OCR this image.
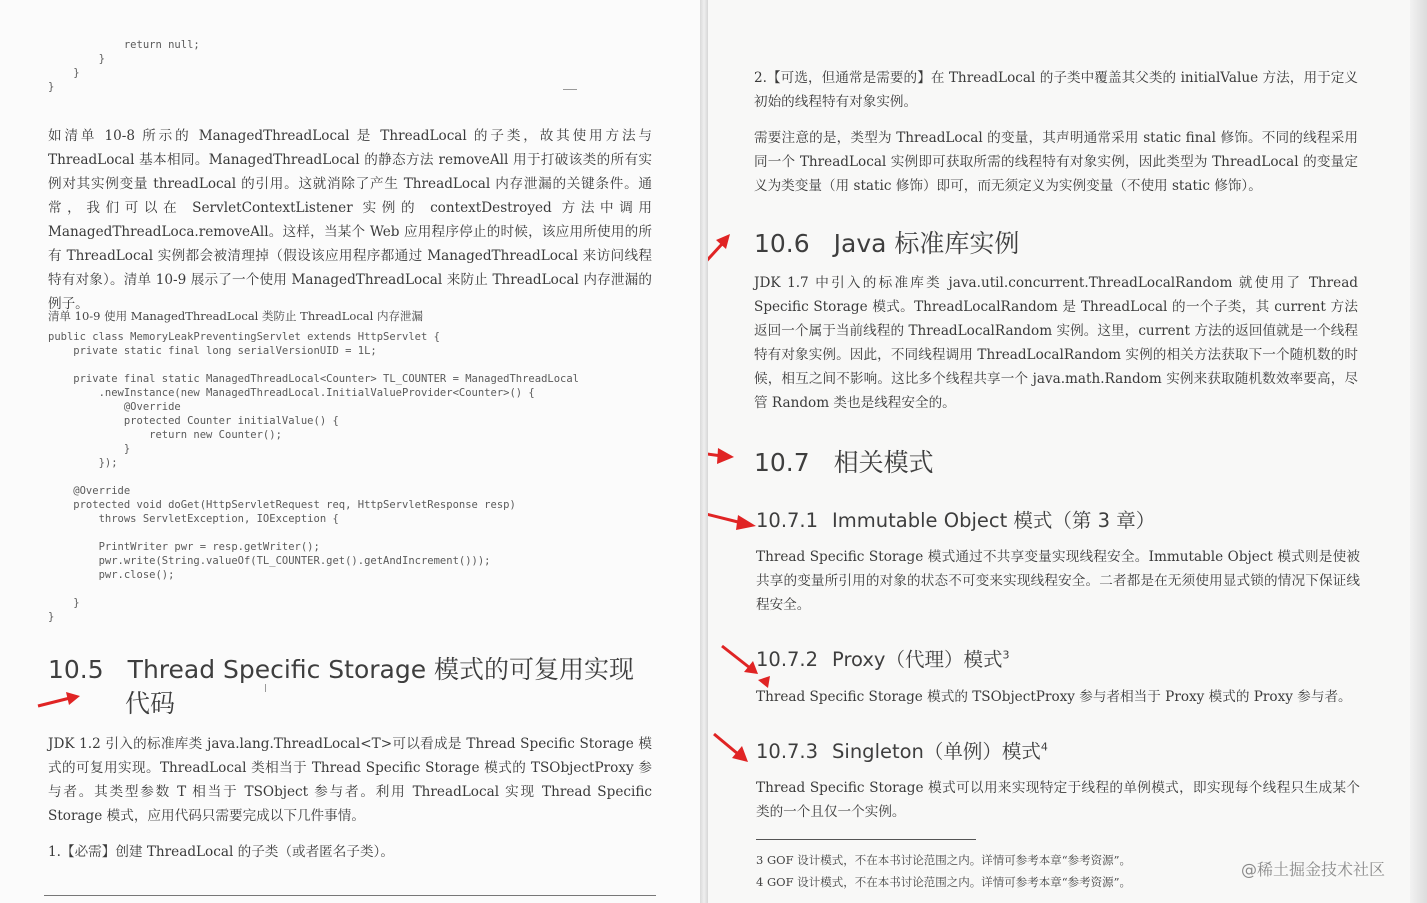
return null;
}
}
}

如清单 10-8 所示的 ManagedThreadLocal 是 ThreadLocal 的子类，故其使用方法与 ThreadLocal 基本相同。ManagedThreadLocal 的静态方法 removeAll 用于打破该类的所有实例对其实例变量 threadLocal 的引用。这就消除了产生 ThreadLocal 内存泄漏的关键条件。通常，我们可以在 ServletContextListener 实例的 contextDestroyed 方法中调用 ManagedThreadLoca.removeAll。这样，当某个 Web 应用程序停止的时候，该应用所使用的所有 ThreadLocal 实例都会被清理掉（假设该应用程序都通过 ManagedThreadLocal 来访问线程特有对象）。清单 10-9 展示了一个使用 ManagedThreadLocal 来防止 ThreadLocal 内存泄漏的例子。

清单 10-9 使用 ManagedThreadLocal 类防止 ThreadLocal 内存泄漏
public class MemoryLeakPreventingServlet extends HttpServlet {
private static final long serialVersionUID = 1L;

private final static ManagedThreadLocal<Counter> TL_COUNTER = ManagedThreadLocal
.newInstance(new ManagedThreadLocal.InitialValueProvider<Counter>() {
@Override
protected Counter initialValue() {
return new Counter();
}
});

@Override
protected void doGet(HttpServletRequest req, HttpServletResponse resp)
throws ServletException, IOException {

PrintWriter pwr = resp.getWriter();
pwr.write(String.valueOf(TL_COUNTER.get().getAndIncrement()));
pwr.close();

}
}
10.5 Thread Specific Storage 模式的可复用实现
代码

JDK 1.2 引入的标准库类 java.lang.ThreadLocal<T>可以看成是 Thread Specific Storage 模式的可复用实现。ThreadLocal 类相当于 Thread Specific Storage 模式的 TSObjectProxy 参与者。其类型参数 T 相当于 TSObject 参与者。利用 ThreadLocal 实现 Thread Specific Storage 模式，应用代码只需要完成以下几件事情。

1.【必需】创建 ThreadLocal 的子类（或者匿名子类）。

2.【可选，但通常是需要的】在 ThreadLocal 的子类中覆盖其父类的 initialValue 方法，用于定义初始的线程特有对象实例。

需要注意的是，类型为 ThreadLocal 的变量，其声明通常采用 static final 修饰。不同的线程采用同一个 ThreadLocal 实例即可获取所需的线程特有对象实例，因此类型为 ThreadLocal 的变量定义为类变量（用 static 修饰）即可，而无须定义为实例变量（不使用 static 修饰）。

10.6 Java 标准库实例

JDK 1.7 中引入的标准库类 java.util.concurrent.ThreadLocalRandom 就使用了 Thread Specific Storage 模式。ThreadLocalRandom 是 ThreadLocal 的一个子类，其 current 方法返回一个属于当前线程的 ThreadLocalRandom 实例。这里，current 方法的返回值就是一个线程特有对象实例。因此，不同线程调用 ThreadLocalRandom 实例的相关方法获取下一个随机数的时候，相互之间不影响。这比多个线程共享一个 java.math.Random 实例来获取随机数效率要高，尽管 Random 类也是线程安全的。

10.7 相关模式
10.7.1 Immutable Object 模式（第 3 章）

Thread Specific Storage 模式通过不共享变量实现线程安全。Immutable Object 模式则是使被共享的变量所引用的对象的状态不可变来实现线程安全。二者都是在无须使用显式锁的情况下保证线程安全。

10.7.2 Proxy（代理）模式$^3$

Thread Specific Storage 模式的 TSObjectProxy 参与者相当于 Proxy 模式的 Proxy 参与者。

10.7.3 Singleton（单例）模式$^4$

Thread Specific Storage 模式可以用来实现特定于线程的单例模式，即实现每个线程只生成某个类的一个且仅一个实例。

3 GOF 设计模式，不在本书讨论范围之内。详情可参考本章“参考资源”。
4 GOF 设计模式，不在本书讨论范围之内。详情可参考本章“参考资源”。
@稀土掘金技术社区
